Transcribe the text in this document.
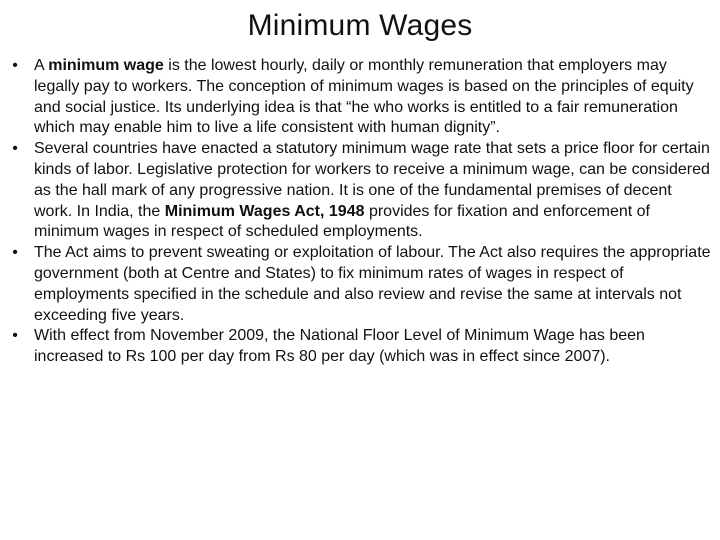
Minimum Wages
• A minimum wage is the lowest hourly, daily or monthly remuneration that employers may legally pay to workers. The conception of minimum wages is based on the principles of equity and social justice. Its underlying idea is that “he who works is entitled to a fair remuneration which may enable him to live a life consistent with human dignity”.
• Several countries have enacted a statutory minimum wage rate that sets a price floor for certain kinds of labor. Legislative protection for workers to receive a minimum wage, can be considered as the hall mark of any progressive nation. It is one of the fundamental premises of decent work. In India, the Minimum Wages Act, 1948 provides for fixation and enforcement of minimum wages in respect of scheduled employments.
• The Act aims to prevent sweating or exploitation of labour. The Act also requires the appropriate government (both at Centre and States) to fix minimum rates of wages in respect of employments specified in the schedule and also review and revise the same at intervals not exceeding five years.
• With effect from November 2009, the National Floor Level of Minimum Wage has been increased to Rs 100 per day from Rs 80 per day (which was in effect since 2007).
